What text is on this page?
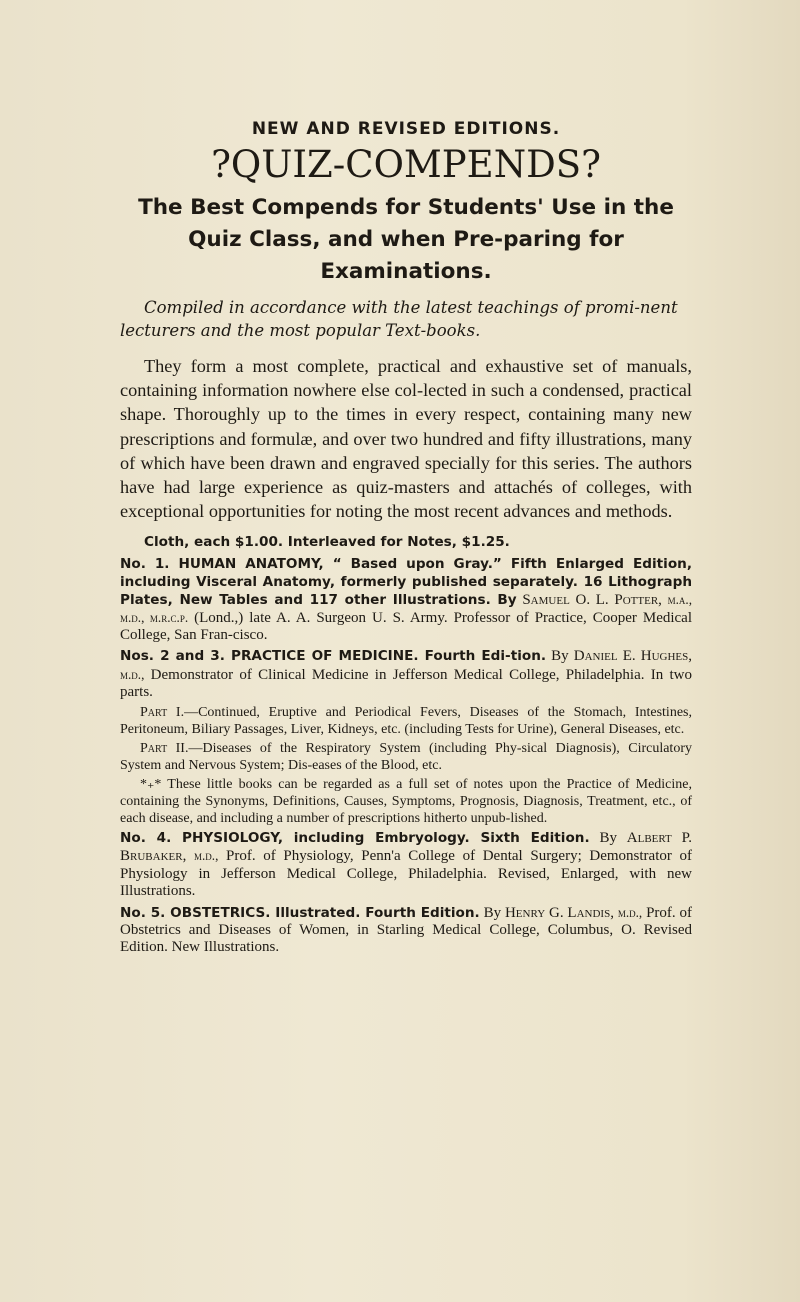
NEW AND REVISED EDITIONS.

?QUIZ-COMPENDS?

The Best Compends for Students' Use in the Quiz Class, and when Pre-paring for Examinations.

Compiled in accordance with the latest teachings of promi-nent lecturers and the most popular Text-books.

They form a most complete, practical and exhaustive set of manuals, containing information nowhere else col-lected in such a condensed, practical shape. Thoroughly up to the times in every respect, containing many new prescriptions and formulæ, and over two hundred and fifty illustrations, many of which have been drawn and engraved specially for this series. The authors have had large experience as quiz-masters and attachés of colleges, with exceptional opportunities for noting the most recent advances and methods.

Cloth, each $1.00. Interleaved for Notes, $1.25.

No. 1. HUMAN ANATOMY, “ Based upon Gray.” Fifth Enlarged Edition, including Visceral Anatomy, formerly published separately. 16 Lithograph Plates, New Tables and 117 other Illustrations. By Samuel O. L. Potter, m.a., m.d., m.r.c.p. (Lond.,) late A. A. Surgeon U. S. Army. Professor of Practice, Cooper Medical College, San Fran-cisco.

Nos. 2 and 3. PRACTICE OF MEDICINE. Fourth Edi-tion. By Daniel E. Hughes, m.d., Demonstrator of Clinical Medicine in Jefferson Medical College, Philadelphia. In two parts.

Part I.—Continued, Eruptive and Periodical Fevers, Diseases of the Stomach, Intestines, Peritoneum, Biliary Passages, Liver, Kidneys, etc. (including Tests for Urine), General Diseases, etc.

Part II.—Diseases of the Respiratory System (including Phy-sical Diagnosis), Circulatory System and Nervous System; Dis-eases of the Blood, etc.

*₊* These little books can be regarded as a full set of notes upon the Practice of Medicine, containing the Synonyms, Definitions, Causes, Symptoms, Prognosis, Diagnosis, Treatment, etc., of each disease, and including a number of prescriptions hitherto unpub-lished.

No. 4. PHYSIOLOGY, including Embryology. Sixth Edition. By Albert P. Brubaker, m.d., Prof. of Physiology, Penn'a College of Dental Surgery; Demonstrator of Physiology in Jefferson Medical College, Philadelphia. Revised, Enlarged, with new Illustrations.

No. 5. OBSTETRICS. Illustrated. Fourth Edition. By Henry G. Landis, m.d., Prof. of Obstetrics and Diseases of Women, in Starling Medical College, Columbus, O. Revised Edition. New Illustrations.
